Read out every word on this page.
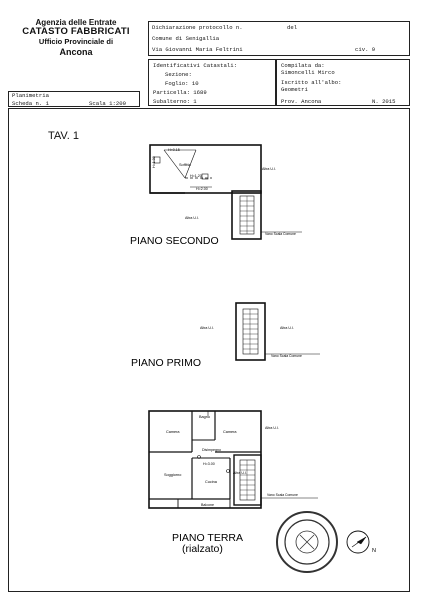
Agenzia delle Entrate
CATASTO FABBRICATI
Ufficio Provinciale di
Ancona
Dichiarazione protocollo n.	del
Comune di Senigallia
Via Giovanni Maria Feltrini	civ. 9
Identificativi Catastali:
Sezione:
Foglio: 10
Particella: 1689
Subalterno: 1
Compilata da:
Simoncelli Mirco
Iscritto all'albo:
Geometri
Prov. Ancona	N. 2015
Planimetria
Scheda n. 1	Scala 1:200
TAV. 1
H=0.15
Soffitta
H=1.20
H=2.00
H=1.30
Altra U.I.
Altra U.I.
Vano Scala Comune
PIANO SECONDO
Altra U.I.	Altra U.I.
Vano Scala Comune
PIANO PRIMO
Bagno
Camera	Camera
Disimpegno
H=3.00
Soggiorno
Cucina
Balcone
Altra U.I.
Altra U.I.
Vano Scala Comune
PIANO TERRA
(rialzato)	N
